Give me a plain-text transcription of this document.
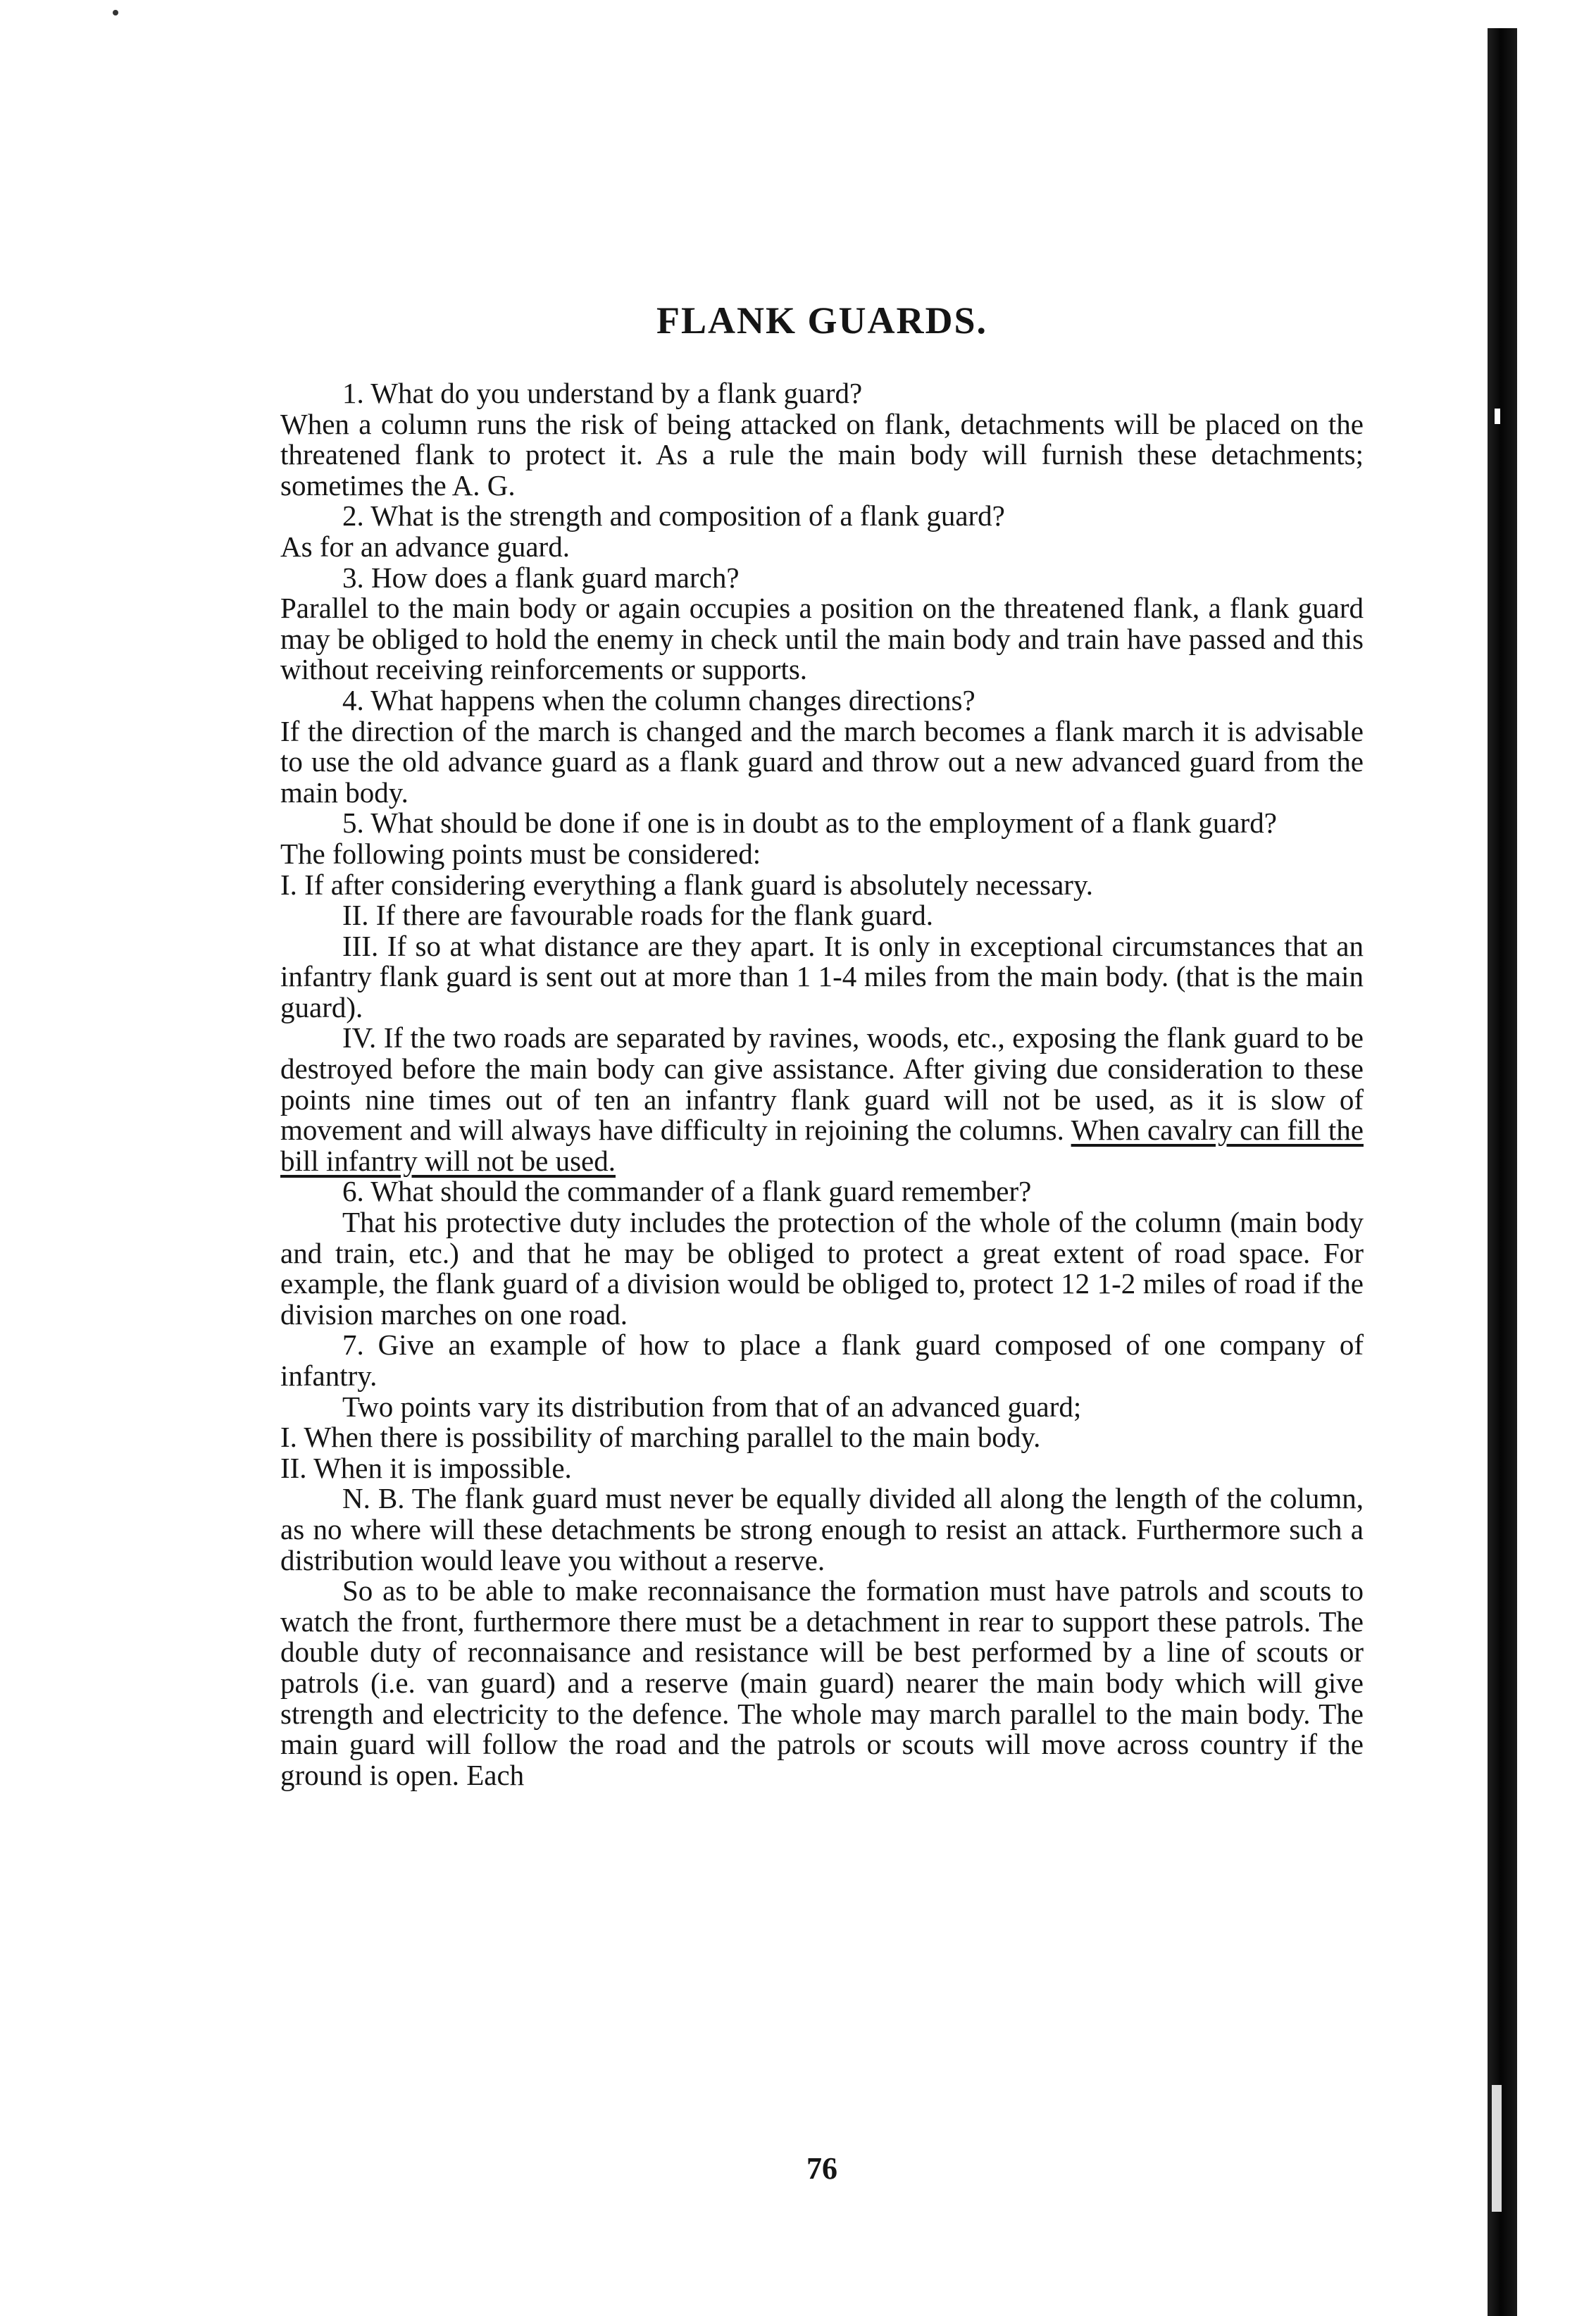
FLANK GUARDS.

1. What do you understand by a flank guard?

When a column runs the risk of being attacked on flank, detachments will be placed on the threatened flank to protect it. As a rule the main body will furnish these detachments; sometimes the A. G.

2. What is the strength and composition of a flank guard?

As for an advance guard.

3. How does a flank guard march?

Parallel to the main body or again occupies a position on the threatened flank, a flank guard may be obliged to hold the enemy in check until the main body and train have passed and this without receiving reinforcements or supports.

4. What happens when the column changes directions?

If the direction of the march is changed and the march becomes a flank march it is advisable to use the old advance guard as a flank guard and throw out a new advanced guard from the main body.

5. What should be done if one is in doubt as to the employment of a flank guard?

The following points must be considered:

I. If after considering everything a flank guard is absolutely necessary.

II. If there are favourable roads for the flank guard.

III. If so at what distance are they apart. It is only in exceptional circumstances that an infantry flank guard is sent out at more than 1 1-4 miles from the main body. (that is the main guard).

IV. If the two roads are separated by ravines, woods, etc., exposing the flank guard to be destroyed before the main body can give assistance. After giving due consideration to these points nine times out of ten an infantry flank guard will not be used, as it is slow of movement and will always have difficulty in rejoining the columns. When cavalry can fill the bill infantry will not be used.

6. What should the commander of a flank guard remember?

That his protective duty includes the protection of the whole of the column (main body and train, etc.) and that he may be obliged to protect a great extent of road space. For example, the flank guard of a division would be obliged to, protect 12 1-2 miles of road if the division marches on one road.

7. Give an example of how to place a flank guard composed of one company of infantry.

Two points vary its distribution from that of an advanced guard;

I. When there is possibility of marching parallel to the main body.

II. When it is impossible.

N. B. The flank guard must never be equally divided all along the length of the column, as no where will these detachments be strong enough to resist an attack. Furthermore such a distribution would leave you without a reserve.

So as to be able to make reconnaisance the formation must have patrols and scouts to watch the front, furthermore there must be a detachment in rear to support these patrols. The double duty of reconnaisance and resistance will be best performed by a line of scouts or patrols (i.e. van guard) and a reserve (main guard) nearer the main body which will give strength and electricity to the defence. The whole may march parallel to the main body. The main guard will follow the road and the patrols or scouts will move across country if the ground is open. Each

76
